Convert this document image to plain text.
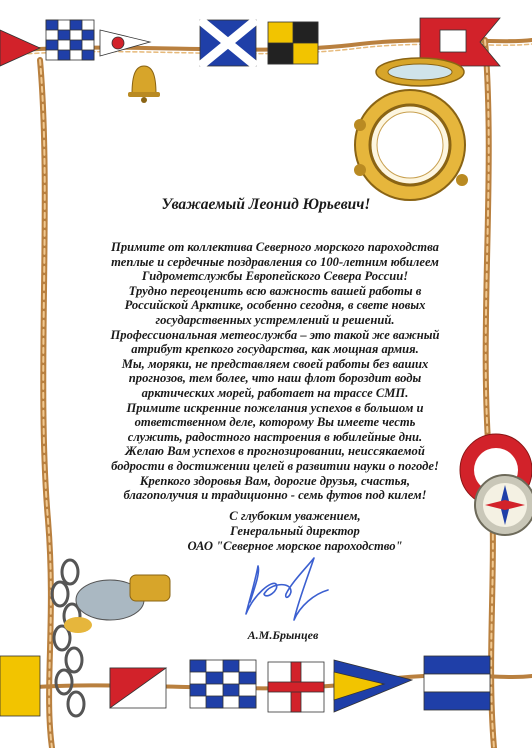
Уважаемый Леонид Юрьевич!
Примите от коллектива Северного морского пароходства
теплые и сердечные поздравления со 100-летним юбилеем
Гидрометслужбы Европейского Севера России!
Трудно переоценить всю важность вашей работы в
Российской Арктике, особенно сегодня, в свете новых
государственных устремлений и решений.
Профессиональная метеослужба – это такой же важный
атрибут крепкого государства, как мощная армия.
Мы, моряки, не представляем своей работы без ваших
прогнозов, тем более, что наш флот бороздит воды
арктических морей, работает на трассе СМП.
Примите искренние пожелания успехов в большом и
ответственном деле, которому Вы имеете честь
служить, радостного настроения в юбилейные дни.
Желаю Вам успехов в прогнозировании, неиссякаемой
бодрости в достижении целей в развитии науки о погоде!
Крепкого здоровья Вам, дорогие друзья, счастья,
благополучия и традиционно - семь футов под килем!
С глубоким уважением,
Генеральный директор
ОАО "Северное морское пароходство"
А.М.Брынцев
